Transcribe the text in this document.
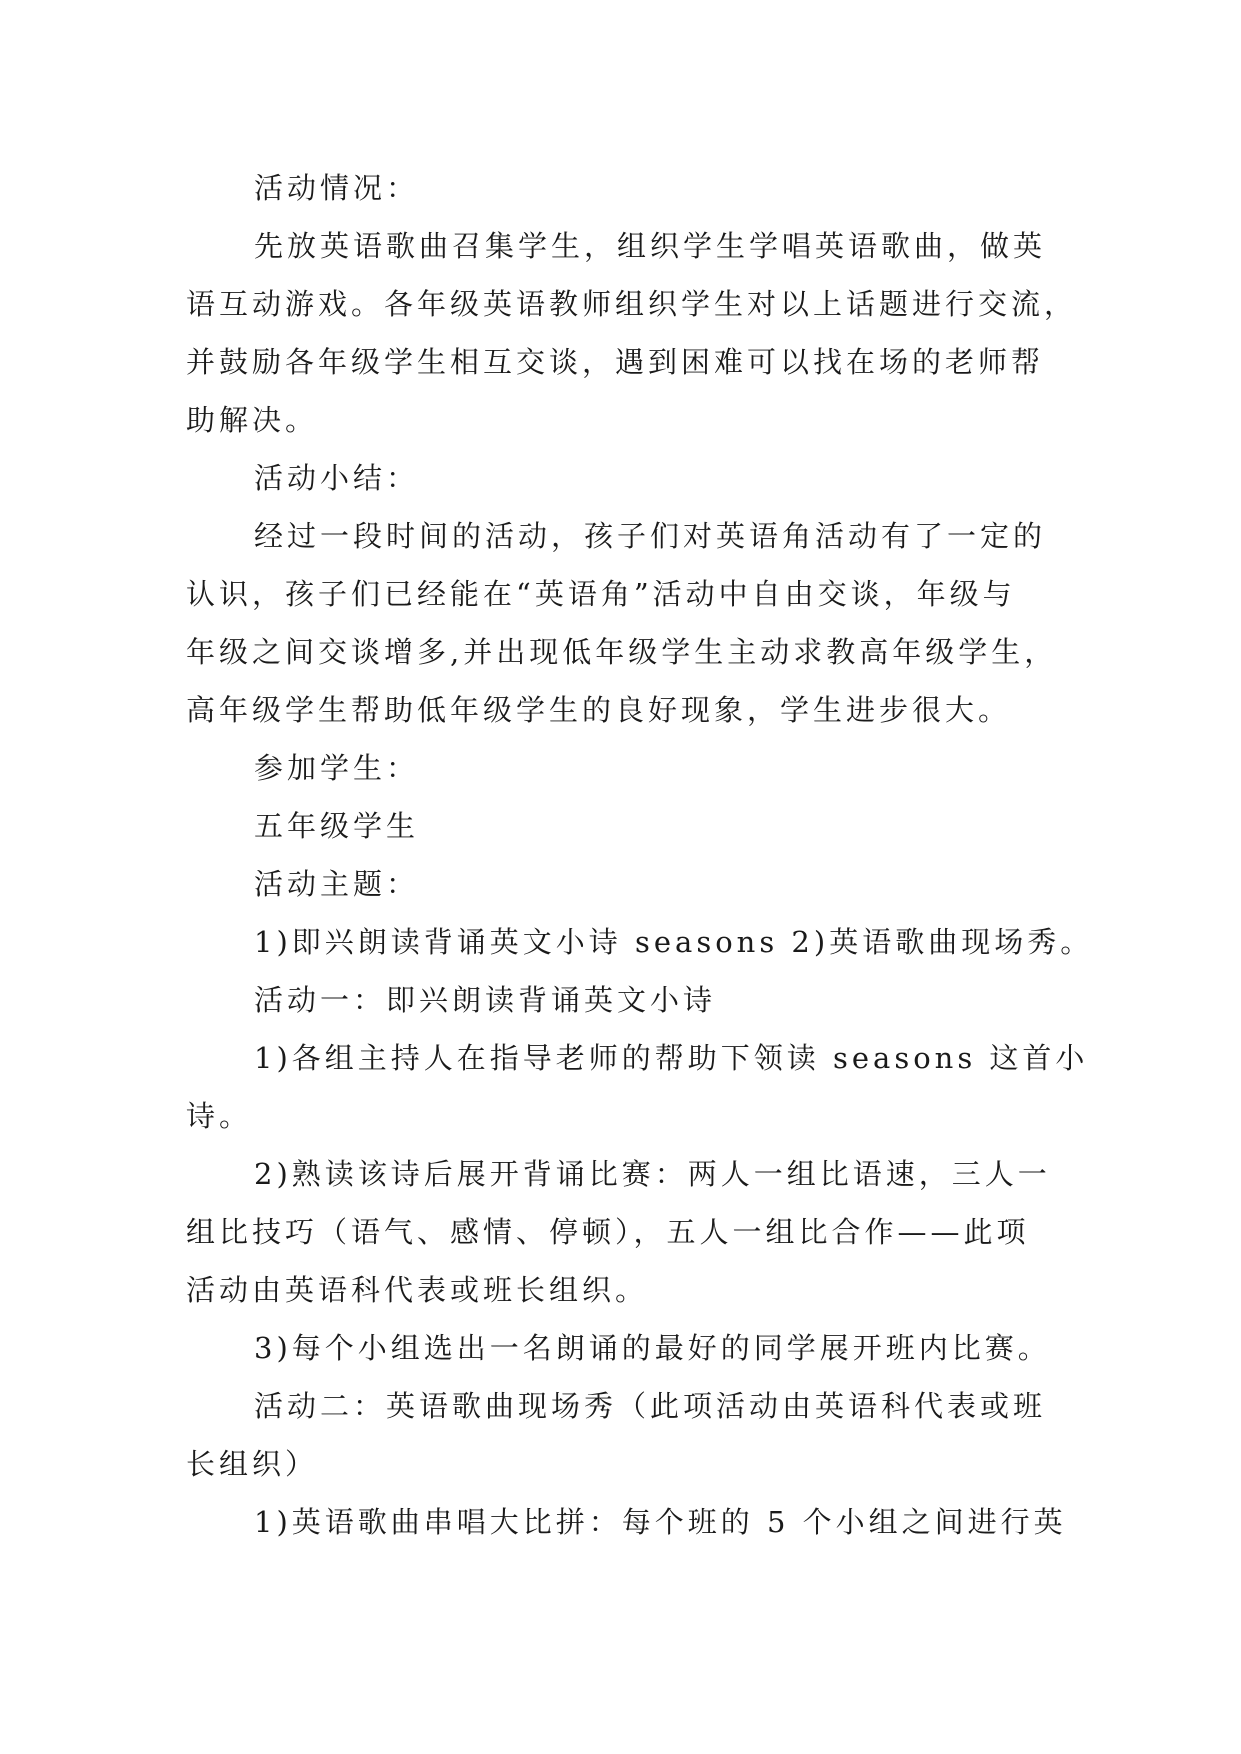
活动情况：
先放英语歌曲召集学生，组织学生学唱英语歌曲，做英
语互动游戏。各年级英语教师组织学生对以上话题进行交流，
并鼓励各年级学生相互交谈，遇到困难可以找在场的老师帮
助解决。
活动小结：
经过一段时间的活动，孩子们对英语角活动有了一定的
认识，孩子们已经能在“英语角”活动中自由交谈，年级与
年级之间交谈增多,并出现低年级学生主动求教高年级学生，
高年级学生帮助低年级学生的良好现象，学生进步很大。
参加学生：
五年级学生
活动主题：
1)即兴朗读背诵英文小诗 seasons 2)英语歌曲现场秀。
活动一：即兴朗读背诵英文小诗
1)各组主持人在指导老师的帮助下领读 seasons 这首小
诗。
2)熟读该诗后展开背诵比赛：两人一组比语速，三人一
组比技巧（语气、感情、停顿），五人一组比合作——此项
活动由英语科代表或班长组织。
3)每个小组选出一名朗诵的最好的同学展开班内比赛。
活动二：英语歌曲现场秀（此项活动由英语科代表或班
长组织）
1)英语歌曲串唱大比拼：每个班的 5 个小组之间进行英
